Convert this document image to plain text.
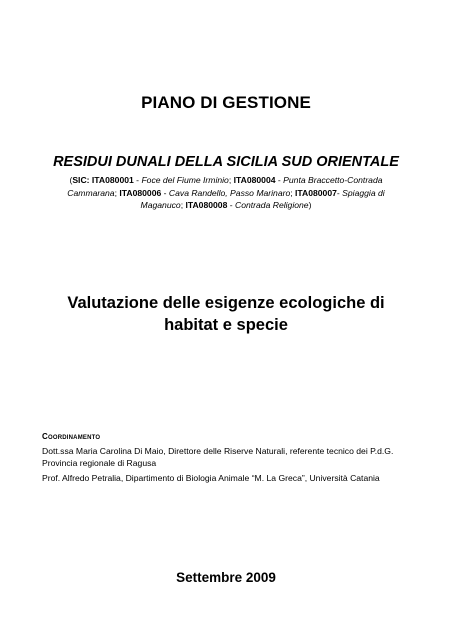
PIANO DI GESTIONE
RESIDUI DUNALI DELLA SICILIA SUD ORIENTALE
(SIC: ITA080001 - Foce del Fiume Irminio; ITA080004 - Punta Braccetto-Contrada Cammarana; ITA080006 - Cava Randello, Passo Marinaro; ITA080007- Spiaggia di Maganuco; ITA080008 - Contrada Religione)
Valutazione delle esigenze ecologiche di
habitat e specie
Coordinamento
Dott.ssa Maria Carolina Di Maio, Direttore delle Riserve Naturali, referente tecnico dei P.d.G. Provincia regionale di Ragusa
Prof. Alfredo Petralia, Dipartimento di Biologia Animale “M. La Greca”, Università Catania
Settembre 2009
